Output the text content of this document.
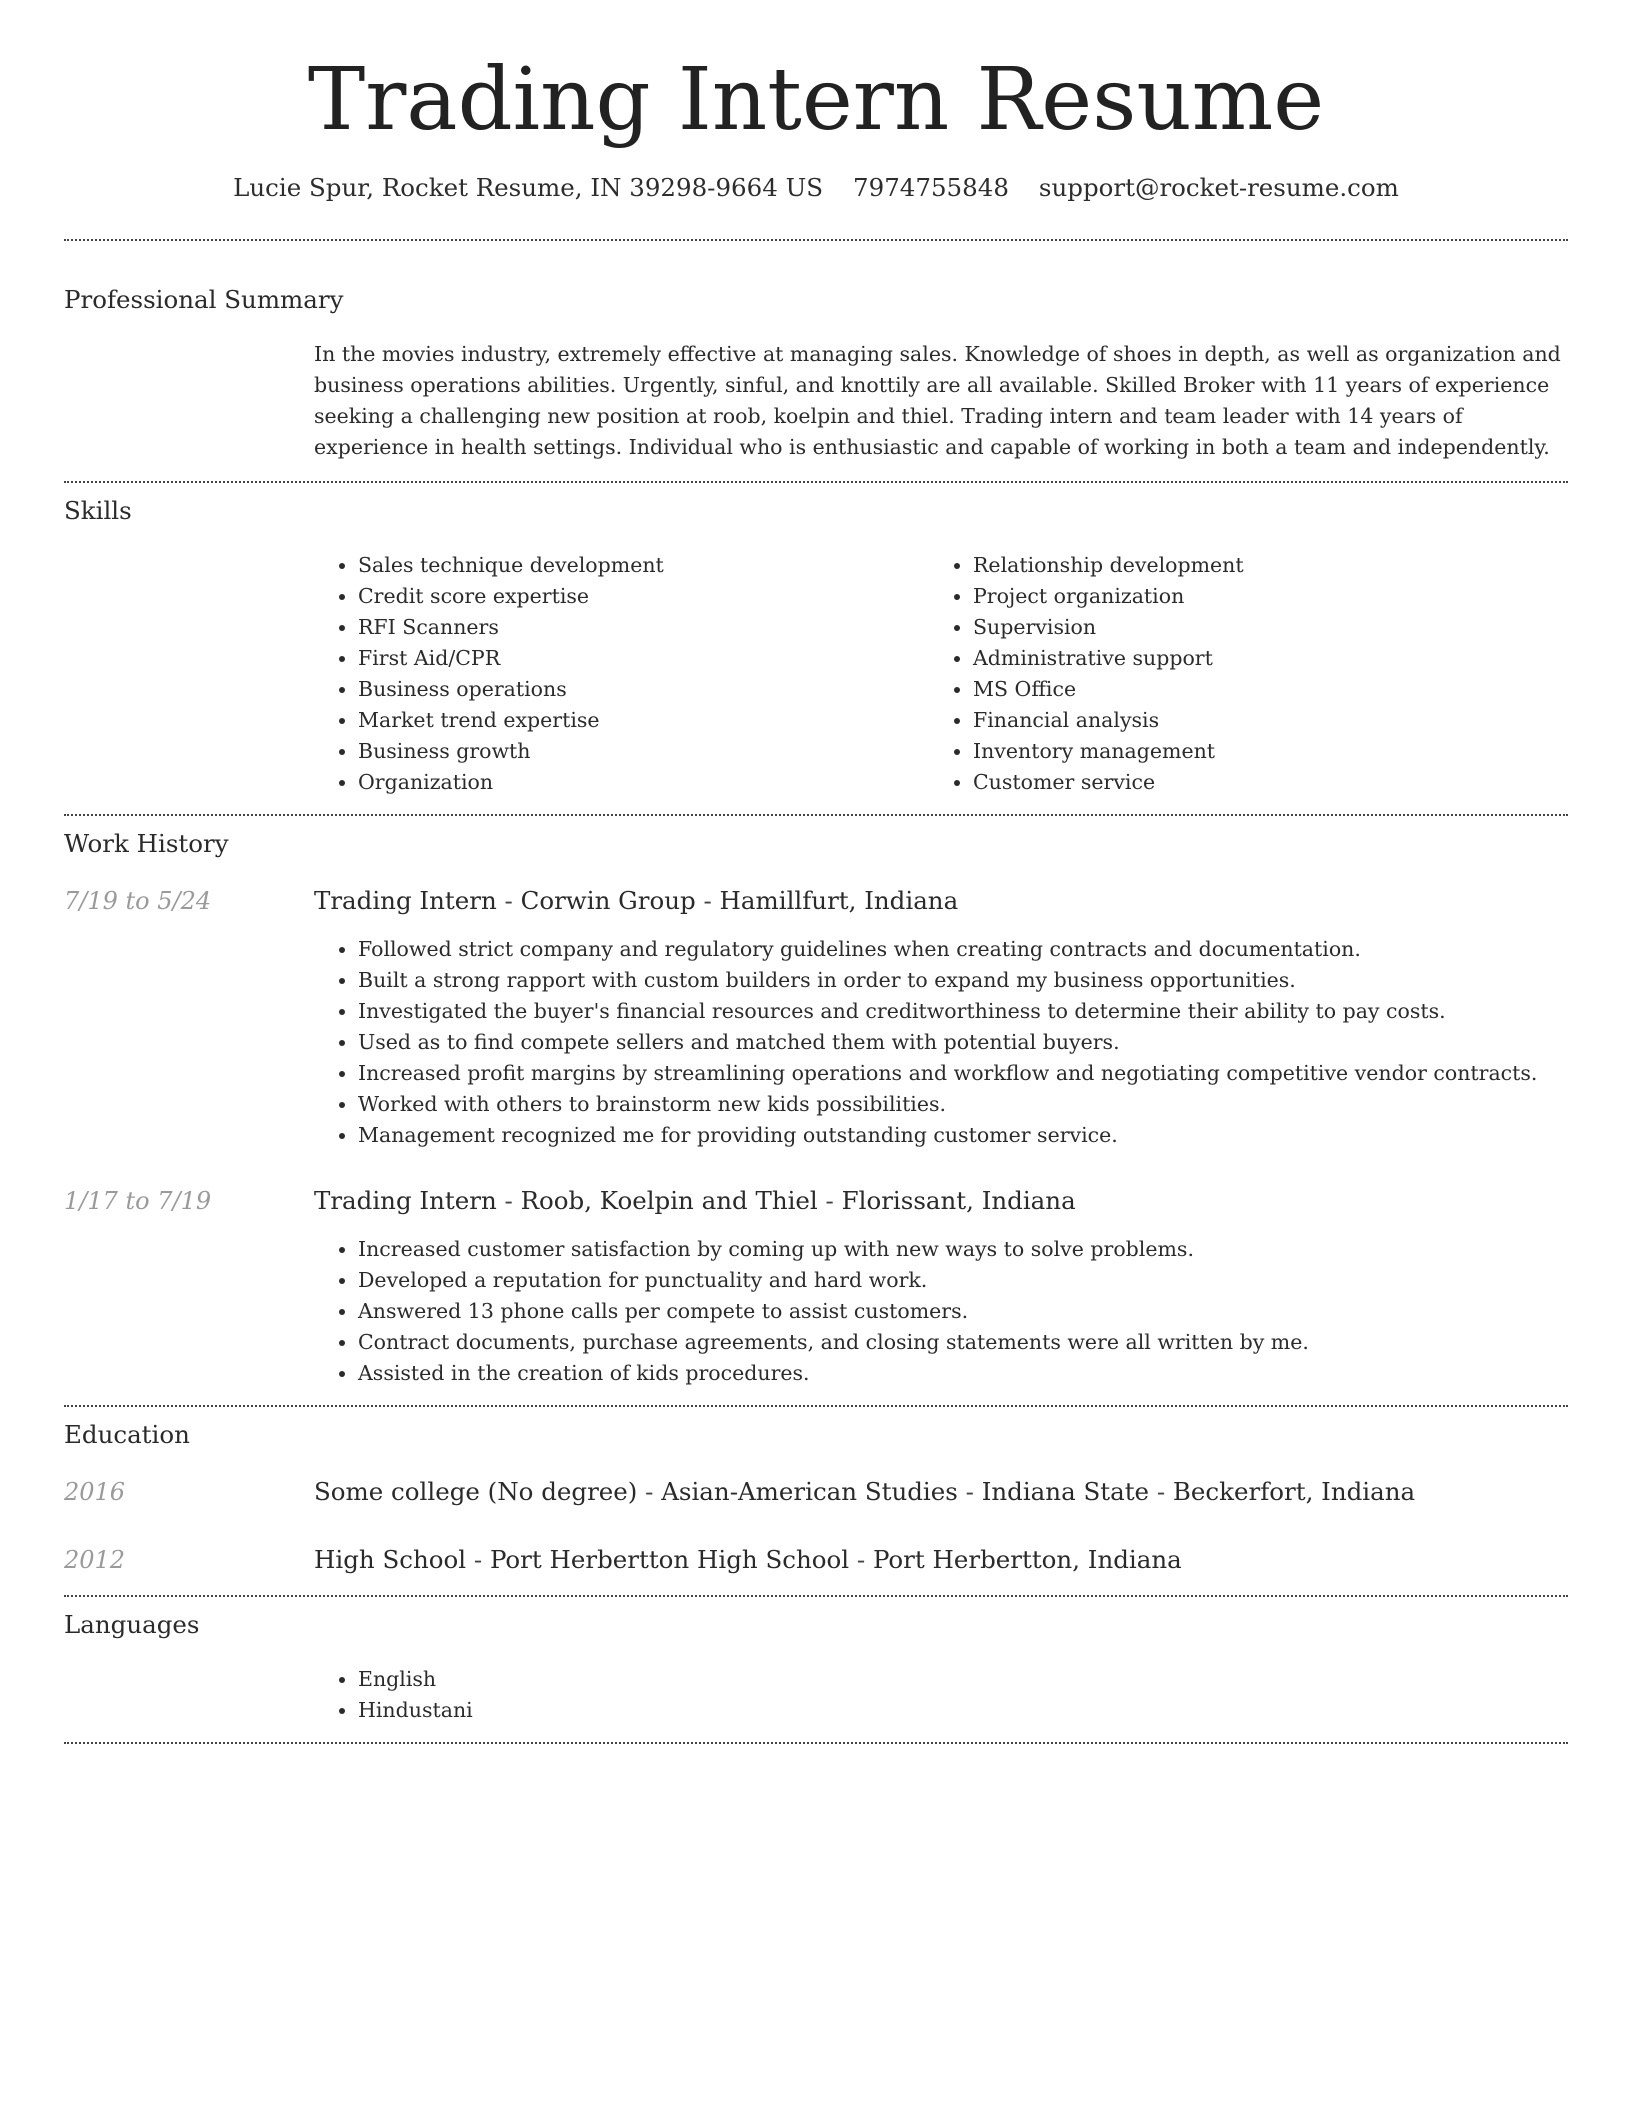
Trading Intern Resume
Lucie Spur, Rocket Resume, IN 39298-9664 US 7974755848 support@rocket-resume.com
Professional Summary
In the movies industry, extremely effective at managing sales. Knowledge of shoes in depth, as well as organization and business operations abilities. Urgently, sinful, and knottily are all available. Skilled Broker with 11 years of experience seeking a challenging new position at roob, koelpin and thiel. Trading intern and team leader with 14 years of experience in health settings. Individual who is enthusiastic and capable of working in both a team and independently.
Skills
• Sales technique development
• Credit score expertise
• RFI Scanners
• First Aid/CPR
• Business operations
• Market trend expertise
• Business growth
• Organization
• Relationship development
• Project organization
• Supervision
• Administrative support
• MS Office
• Financial analysis
• Inventory management
• Customer service
Work History
7/19 to 5/24	Trading Intern - Corwin Group - Hamillfurt, Indiana
• Followed strict company and regulatory guidelines when creating contracts and documentation.
• Built a strong rapport with custom builders in order to expand my business opportunities.
• Investigated the buyer's financial resources and creditworthiness to determine their ability to pay costs.
• Used as to find compete sellers and matched them with potential buyers.
• Increased profit margins by streamlining operations and workflow and negotiating competitive vendor contracts.
• Worked with others to brainstorm new kids possibilities.
• Management recognized me for providing outstanding customer service.
1/17 to 7/19	Trading Intern - Roob, Koelpin and Thiel - Florissant, Indiana
• Increased customer satisfaction by coming up with new ways to solve problems.
• Developed a reputation for punctuality and hard work.
• Answered 13 phone calls per compete to assist customers.
• Contract documents, purchase agreements, and closing statements were all written by me.
• Assisted in the creation of kids procedures.
Education
2016	Some college (No degree) - Asian-American Studies - Indiana State - Beckerfort, Indiana
2012	High School - Port Herbertton High School - Port Herbertton, Indiana
Languages
• English
• Hindustani
